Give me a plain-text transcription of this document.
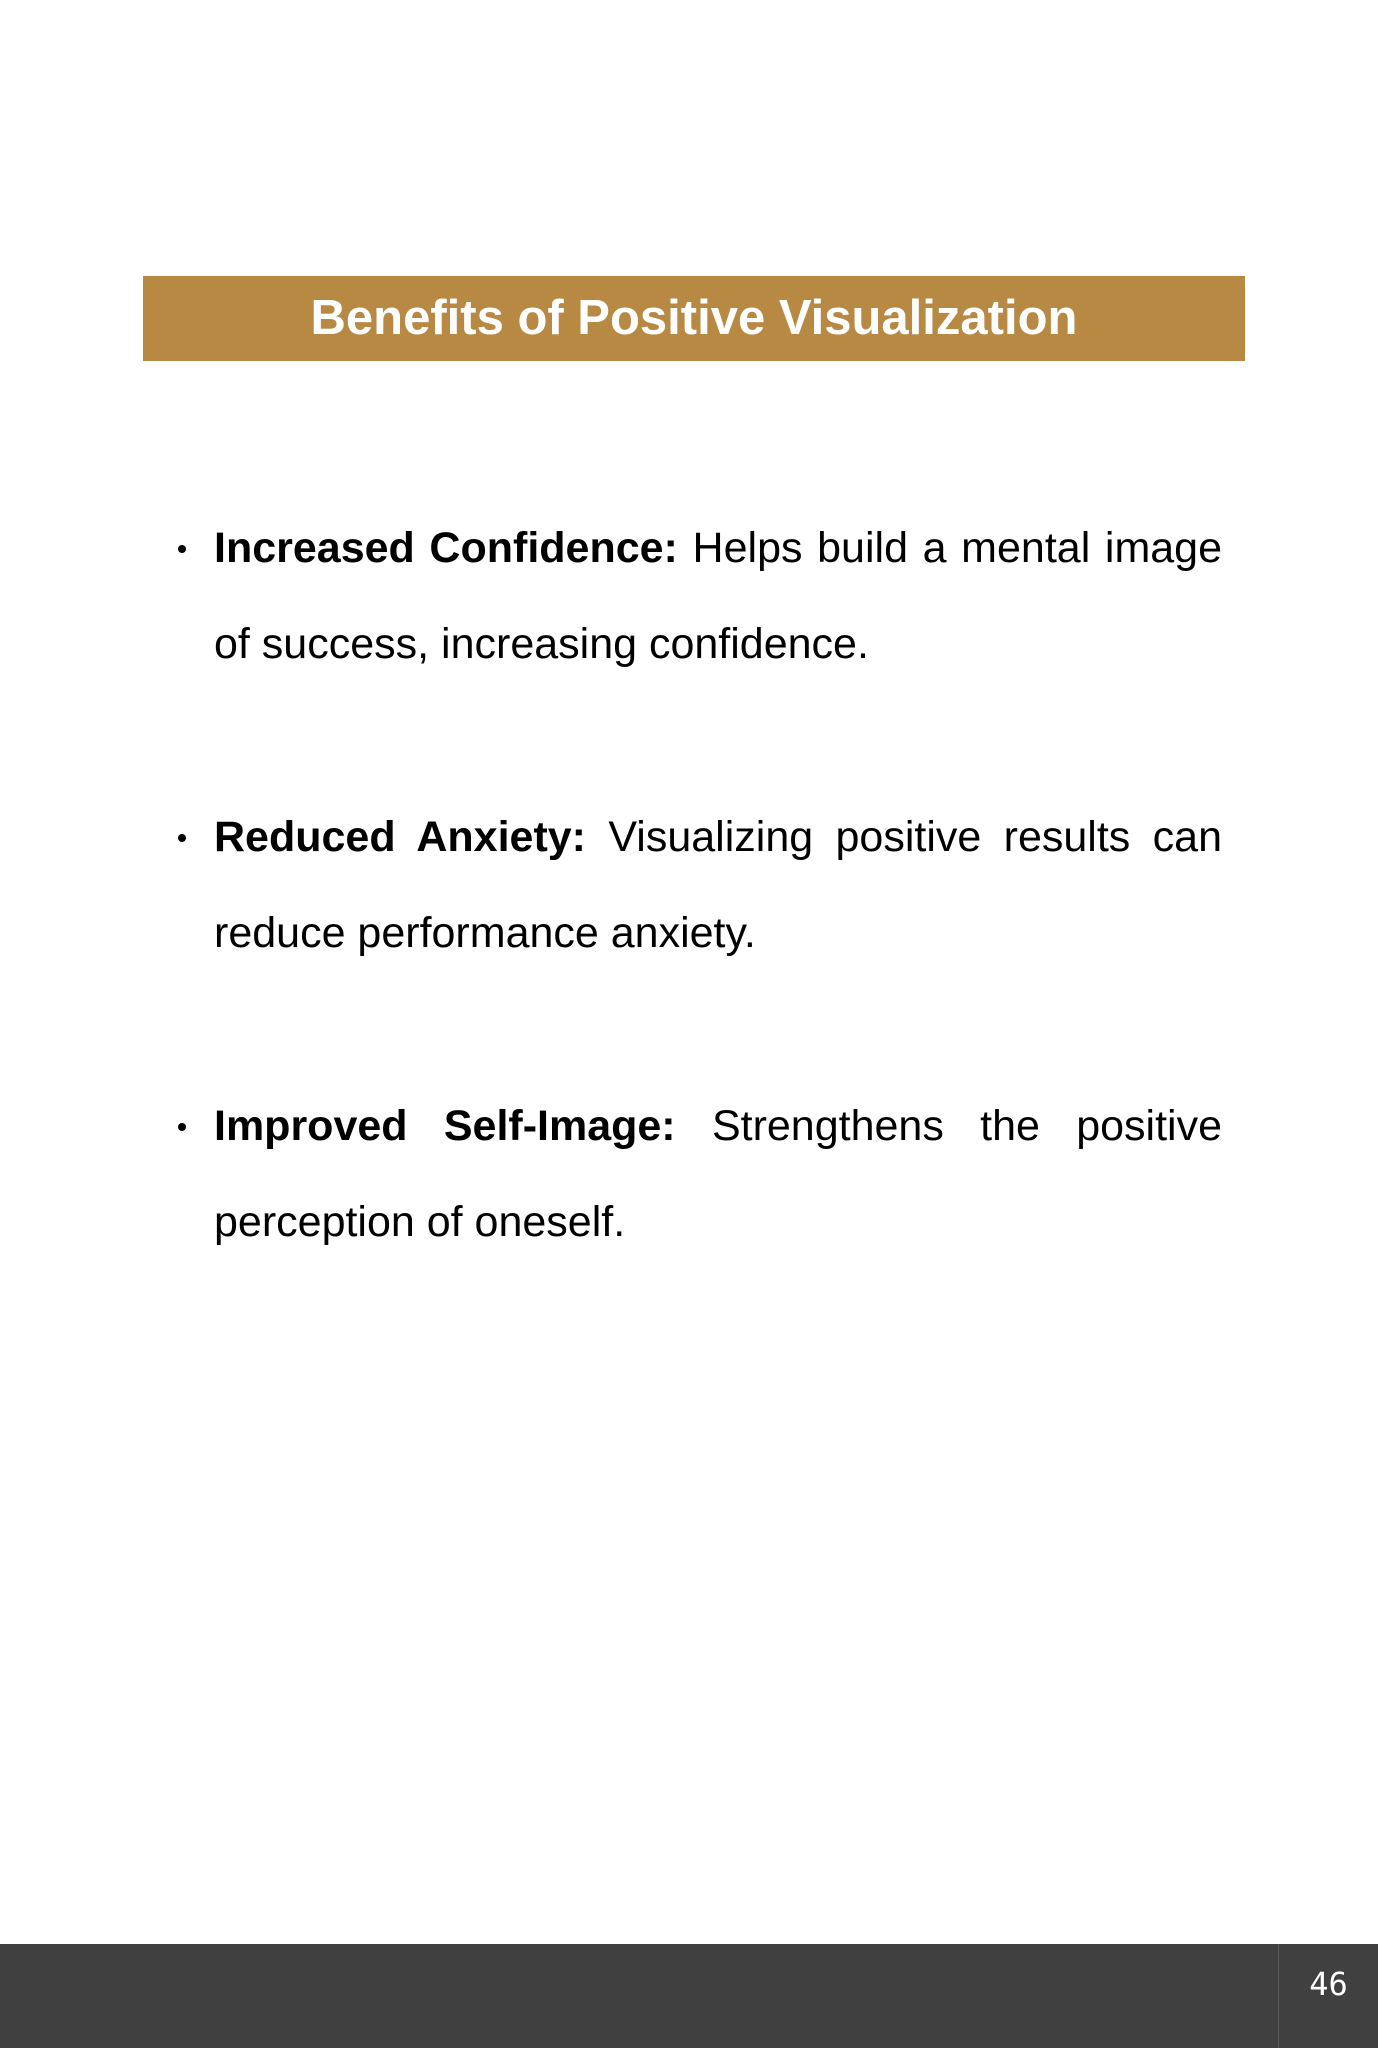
Benefits of Positive Visualization
Increased Confidence: Helps build a mental image of success, increasing confidence.
Reduced Anxiety: Visualizing positive results can reduce performance anxiety.
Improved Self-Image: Strengthens the positive perception of oneself.
46
